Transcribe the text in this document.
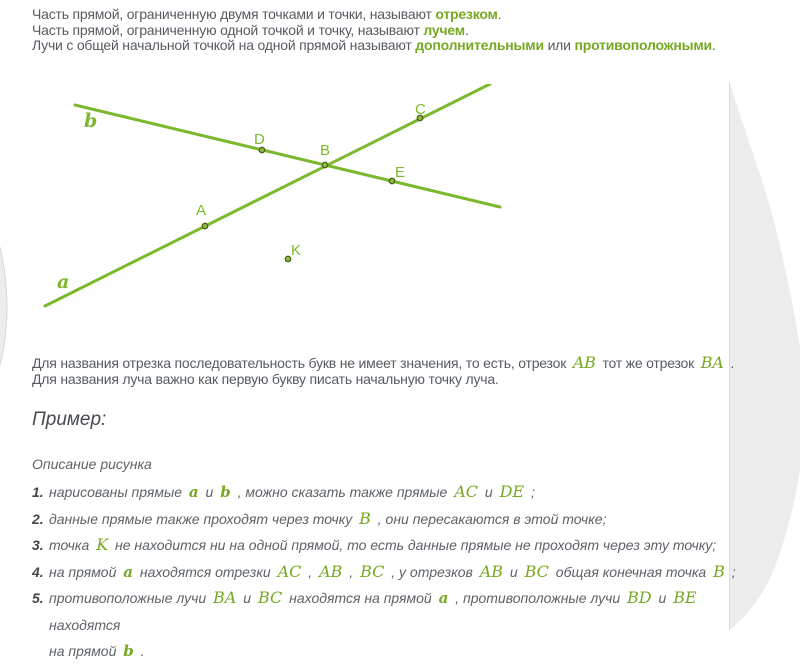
Часть прямой, ограниченную двумя точками и точки, называют отрезком.
Часть прямой, ограниченную одной точкой и точку, называют лучем.
Лучи с общей начальной точкой на одной прямой называют дополнительными или противоположными.
a
b
A
B
C
D
E
K
Для названия отрезка последовательность букв не имеет значения, то есть, отрезок AB тот же отрезок BA .
Для названия луча важно как первую букву писать начальную точку луча.
Пример:
Описание рисунка
1. нарисованы прямые a и b , можно сказать также прямые AC и DE ;
2. данные прямые также проходят через точку B , они пересакаются в этой точке;
3. точка K не находится ни на одной прямой, то есть данные прямые не проходят через эту точку;
4. на прямой a находятся отрезки AC , AB , BC , у отрезков AB и BC общая конечная точка B ;
5. противоположные лучи BA и BC находятся на прямой a , противоположные лучи BD и BE находятся
на прямой b .
